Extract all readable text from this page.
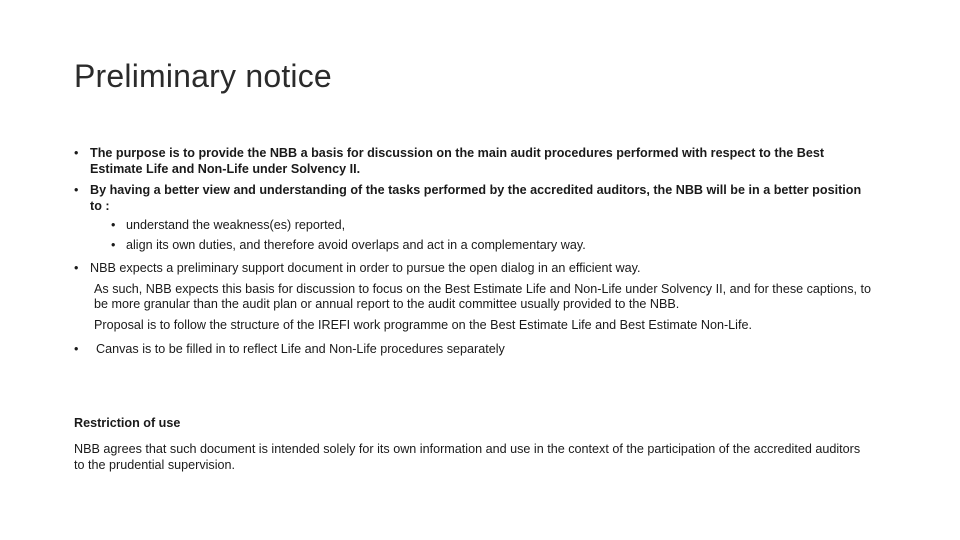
Preliminary notice
• The purpose is to provide the NBB a basis for discussion on the main audit procedures performed with respect to the Best Estimate Life and Non-Life under Solvency II.
• By having a better view and understanding of the tasks performed by the accredited auditors, the NBB will be in a better position to :
• understand the weakness(es) reported,
• align its own duties, and therefore avoid overlaps and act in a complementary way.
• NBB expects a preliminary support document in order to pursue the open dialog in an efficient way.
As such, NBB expects this basis for discussion to focus on the Best Estimate Life and Non-Life under Solvency II, and for these captions, to be more granular than the audit plan or annual report to the audit committee usually provided to the NBB.
Proposal is to follow the structure of the IREFI work programme on the Best Estimate Life and Best Estimate Non-Life.
• Canvas is to be filled in to reflect Life and Non-Life procedures separately
Restriction of use
NBB agrees that such document is intended solely for its own information and use in the context of the participation of the accredited auditors to the prudential supervision.
